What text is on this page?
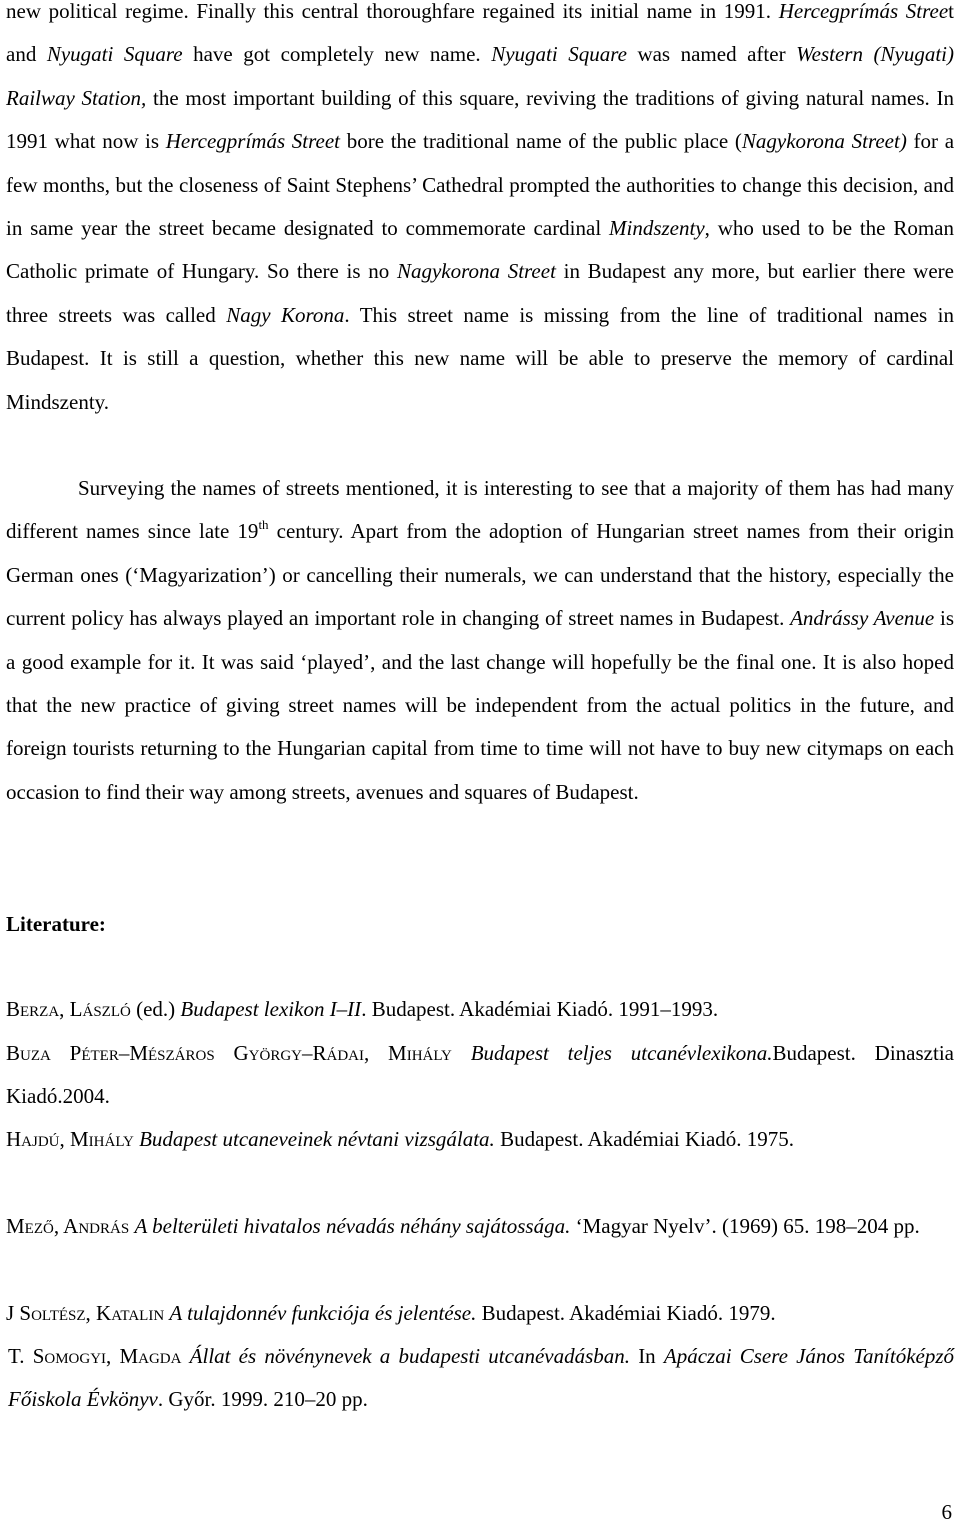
new political regime. Finally this central thoroughfare regained its initial name in 1991. Hercegprímás Street and Nyugati Square have got completely new name. Nyugati Square was named after Western (Nyugati) Railway Station, the most important building of this square, reviving the traditions of giving natural names. In 1991 what now is Hercegprímás Street bore the traditional name of the public place (Nagykorona Street) for a few months, but the closeness of Saint Stephens’ Cathedral prompted the authorities to change this decision, and in same year the street became designated to commemorate cardinal Mindszenty, who used to be the Roman Catholic primate of Hungary. So there is no Nagykorona Street in Budapest any more, but earlier there were three streets was called Nagy Korona. This street name is missing from the line of traditional names in Budapest. It is still a question, whether this new name will be able to preserve the memory of cardinal Mindszenty.

Surveying the names of streets mentioned, it is interesting to see that a majority of them has had many different names since late 19th century. Apart from the adoption of Hungarian street names from their origin German ones (‘Magyarization’) or cancelling their numerals, we can understand that the history, especially the current policy has always played an important role in changing of street names in Budapest. Andrássy Avenue is a good example for it. It was said ‘played’, and the last change will hopefully be the final one. It is also hoped that the new practice of giving street names will be independent from the actual politics in the future, and foreign tourists returning to the Hungarian capital from time to time will not have to buy new citymaps on each occasion to find their way among streets, avenues and squares of Budapest.

Literature:

Berza, László (ed.) Budapest lexikon I–II. Budapest. Akadémiai Kiadó. 1991–1993.

Buza Péter–Mészáros György–Rádai, Mihály Budapest teljes utcanévlexikona.Budapest. Dinasztia Kiadó.2004.

Hajdú, Mihály Budapest utcaneveinek névtani vizsgálata. Budapest. Akadémiai Kiadó. 1975.

Mező, András A belterületi hivatalos névadás néhány sajátossága. ‘Magyar Nyelv’. (1969) 65. 198–204 pp.

J Soltész, Katalin A tulajdonnév funkciója és jelentése. Budapest. Akadémiai Kiadó. 1979.

T. Somogyi, Magda Állat és növénynevek a budapesti utcanévadásban. In Apáczai Csere János Tanítóképző Főiskola Évkönyv. Győr. 1999. 210–20 pp.

6
